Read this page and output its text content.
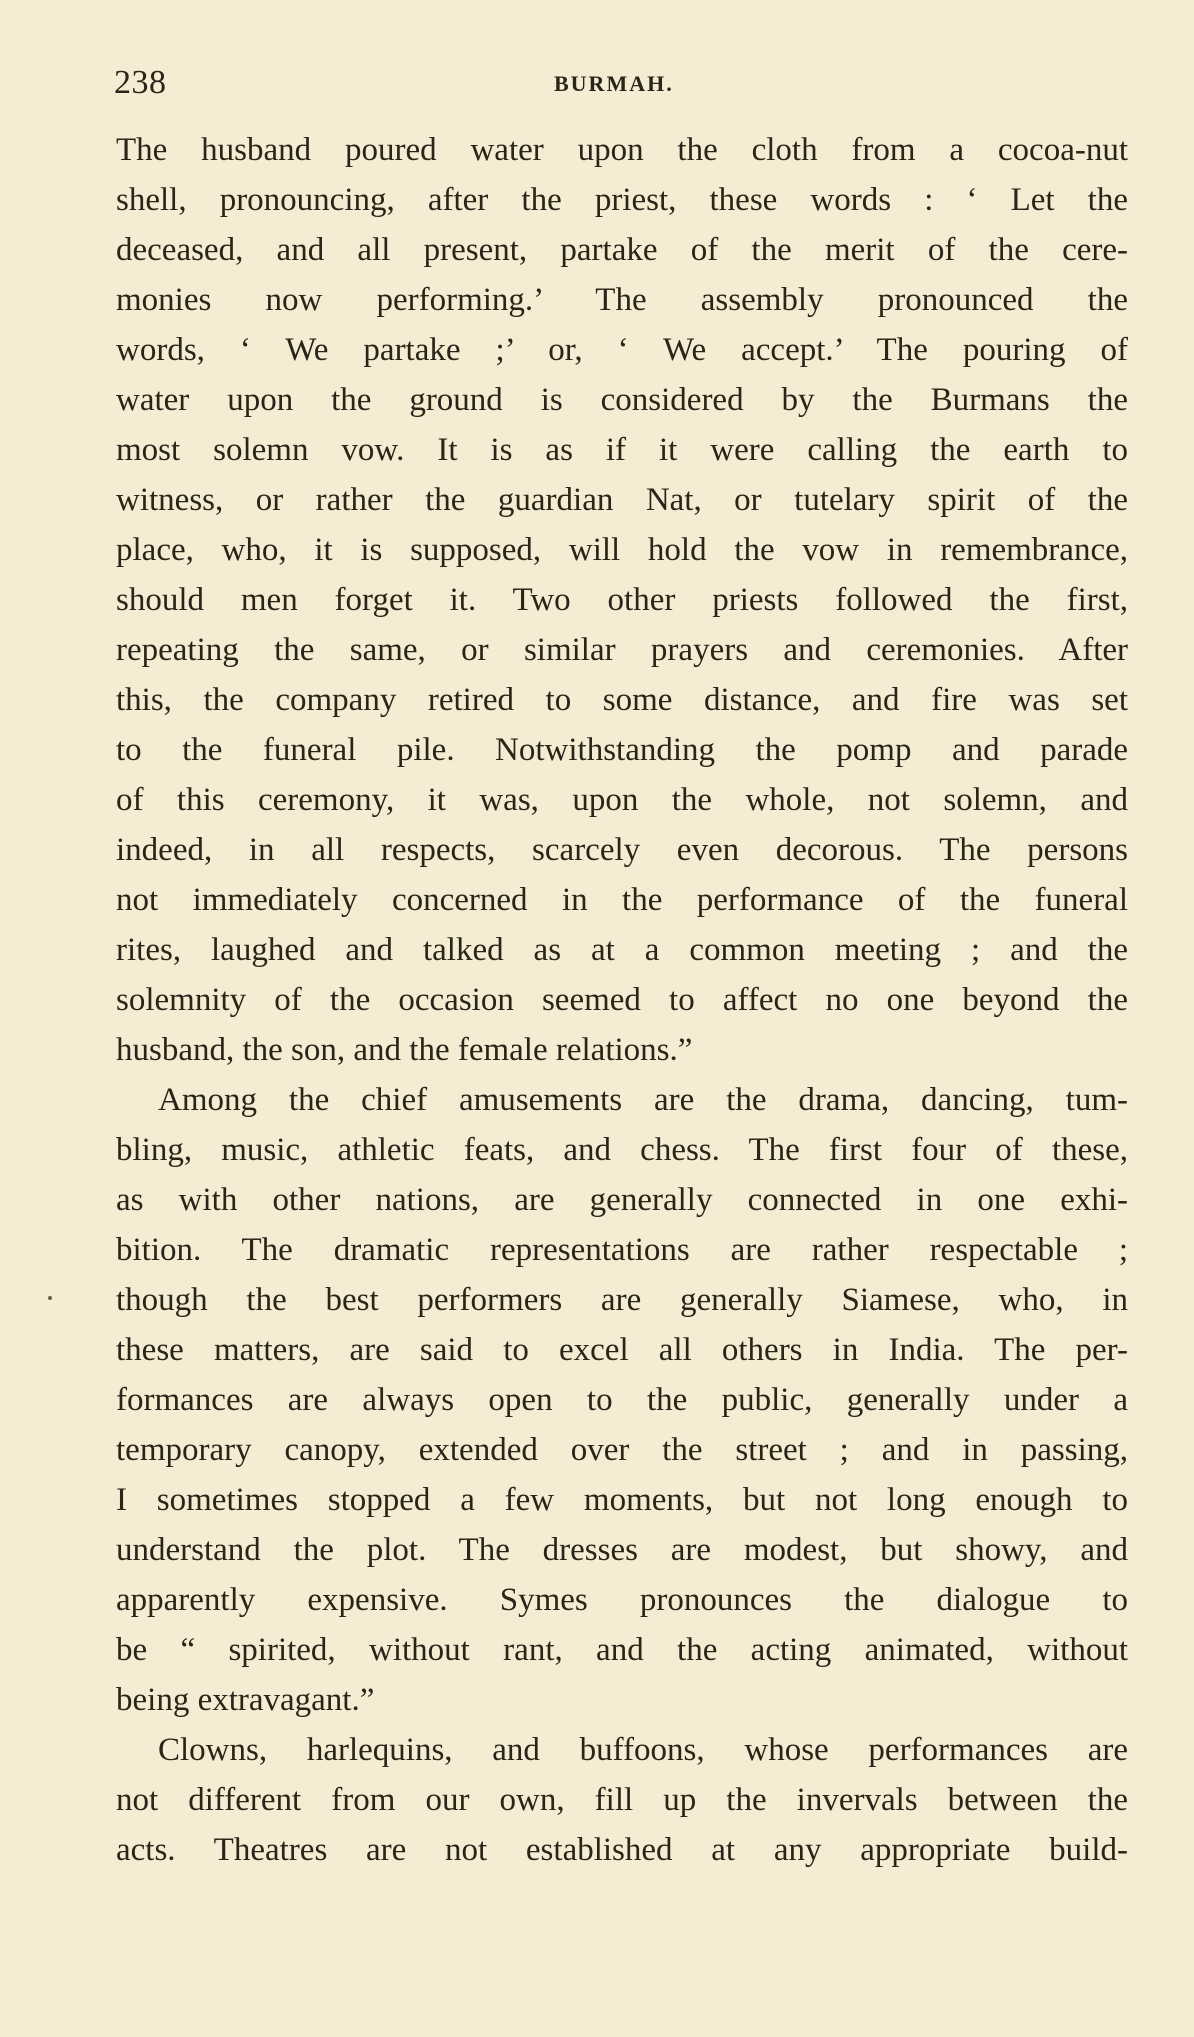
238	BURMAH.
The husband poured water upon the cloth from a cocoa-nut
shell, pronouncing, after the priest, these words : ‘ Let the
deceased, and all present, partake of the merit of the cere-
monies now performing.’ The assembly pronounced the
words, ‘ We partake ;’ or, ‘ We accept.’ The pouring of
water upon the ground is considered by the Burmans the
most solemn vow. It is as if it were calling the earth to
witness, or rather the guardian Nat, or tutelary spirit of the
place, who, it is supposed, will hold the vow in remembrance,
should men forget it. Two other priests followed the first,
repeating the same, or similar prayers and ceremonies. After
this, the company retired to some distance, and fire was set
to the funeral pile. Notwithstanding the pomp and parade
of this ceremony, it was, upon the whole, not solemn, and
indeed, in all respects, scarcely even decorous. The persons
not immediately concerned in the performance of the funeral
rites, laughed and talked as at a common meeting ; and the
solemnity of the occasion seemed to affect no one beyond the
husband, the son, and the female relations.”
Among the chief amusements are the drama, dancing, tum-
bling, music, athletic feats, and chess. The first four of these,
as with other nations, are generally connected in one exhi-
bition. The dramatic representations are rather respectable ;
though the best performers are generally Siamese, who, in
these matters, are said to excel all others in India. The per-
formances are always open to the public, generally under a
temporary canopy, extended over the street ; and in passing,
I sometimes stopped a few moments, but not long enough to
understand the plot. The dresses are modest, but showy, and
apparently expensive. Symes pronounces the dialogue to
be “ spirited, without rant, and the acting animated, without
being extravagant.”
Clowns, harlequins, and buffoons, whose performances are
not different from our own, fill up the invervals between the
acts. Theatres are not established at any appropriate build-
